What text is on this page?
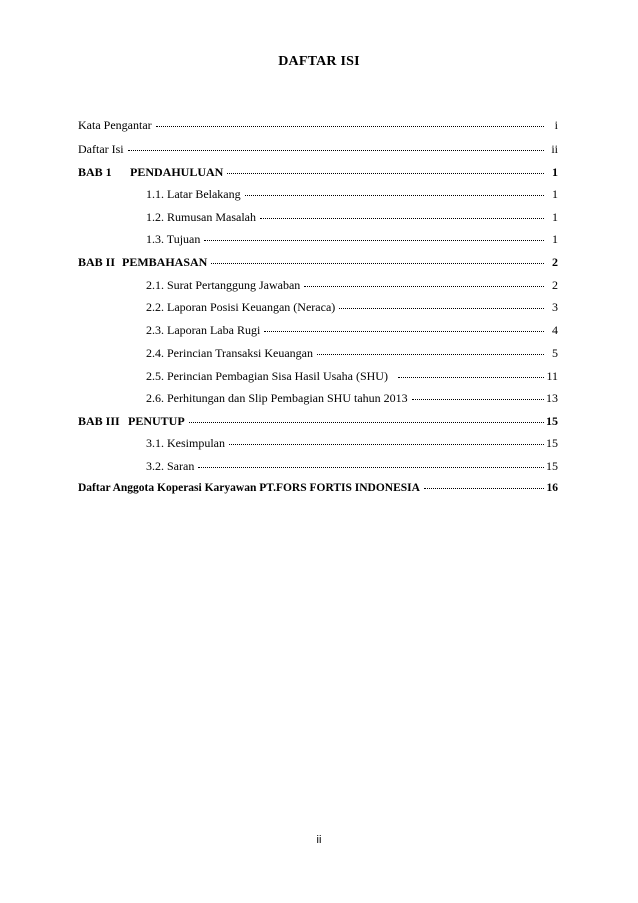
DAFTAR ISI
Kata Pengantar	i
Daftar Isi	ii
BAB 1 PENDAHULUAN	1
1.1. Latar Belakang	1
1.2. Rumusan Masalah	1
1.3. Tujuan	1
BAB II PEMBAHASAN	2
2.1. Surat Pertanggung Jawaban	2
2.2. Laporan Posisi Keuangan (Neraca)	3
2.3. Laporan Laba Rugi	4
2.4. Perincian Transaksi Keuangan	5
2.5. Perincian Pembagian Sisa Hasil Usaha (SHU)	11
2.6. Perhitungan dan Slip Pembagian SHU tahun 2013	13
BAB III PENUTUP	15
3.1. Kesimpulan	15
3.2. Saran	15
Daftar Anggota Koperasi Karyawan PT.FORS FORTIS INDONESIA	16
ii
